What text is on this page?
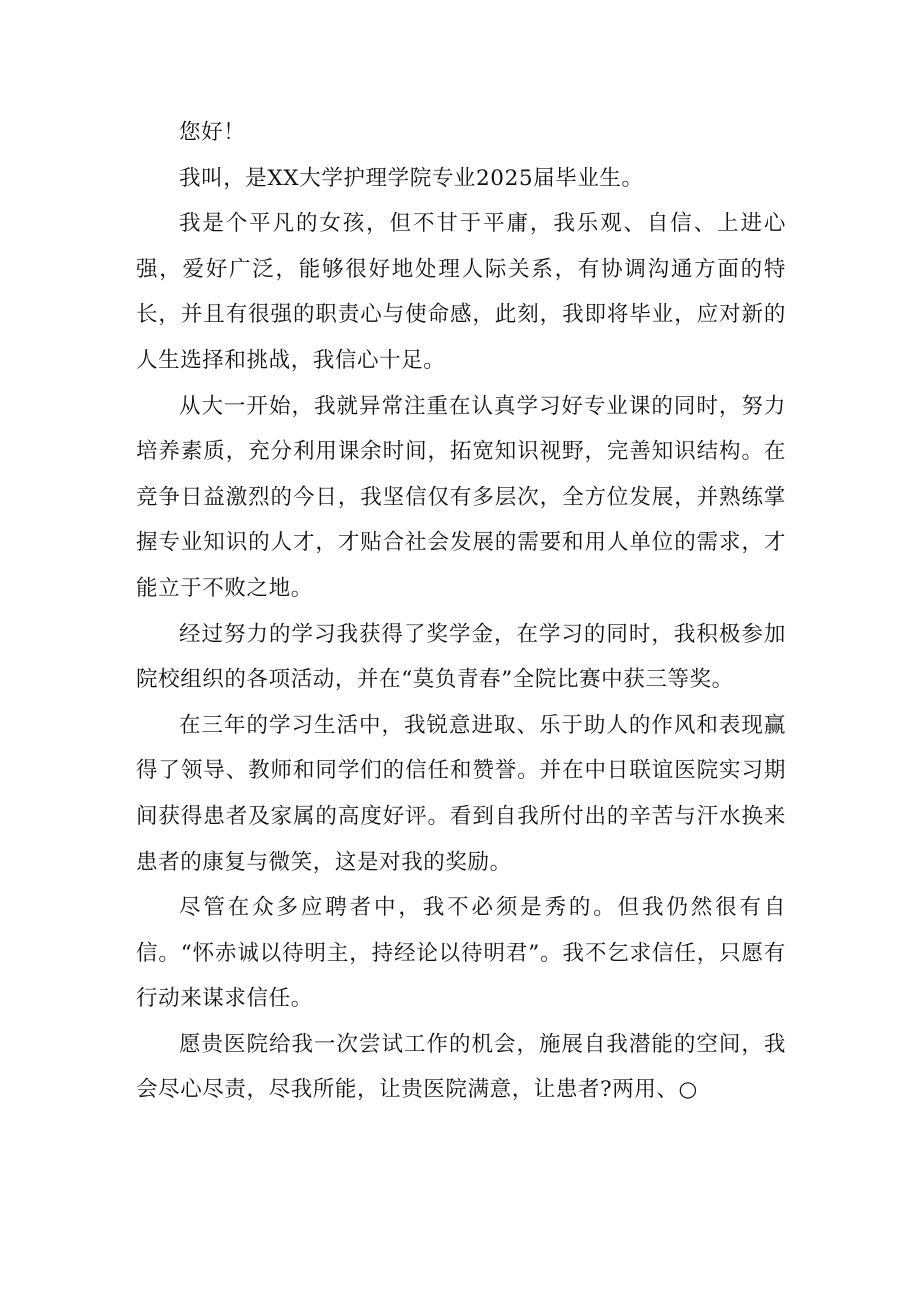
您好！

我叫，是XX大学护理学院专业2025届毕业生。

我是个平凡的女孩，但不甘于平庸，我乐观、自信、上进心强，爱好广泛，能够很好地处理人际关系，有协调沟通方面的特长，并且有很强的职责心与使命感，此刻，我即将毕业，应对新的人生选择和挑战，我信心十足。

从大一开始，我就异常注重在认真学习好专业课的同时，努力培养素质，充分利用课余时间，拓宽知识视野，完善知识结构。在竞争日益激烈的今日，我坚信仅有多层次，全方位发展，并熟练掌握专业知识的人才，才贴合社会发展的需要和用人单位的需求，才能立于不败之地。

经过努力的学习我获得了奖学金，在学习的同时，我积极参加院校组织的各项活动，并在“莫负青春”全院比赛中获三等奖。

在三年的学习生活中，我锐意进取、乐于助人的作风和表现赢得了领导、教师和同学们的信任和赞誉。并在中日联谊医院实习期间获得患者及家属的高度好评。看到自我所付出的辛苦与汗水换来患者的康复与微笑，这是对我的奖励。

尽管在众多应聘者中，我不必须是秀的。但我仍然很有自信。“怀赤诚以待明主，持经论以待明君”。我不乞求信任，只愿有行动来谋求信任。

愿贵医院给我一次尝试工作的机会，施展自我潜能的空间，我会尽心尽责，尽我所能，让贵医院满意，让患者?两用、○
